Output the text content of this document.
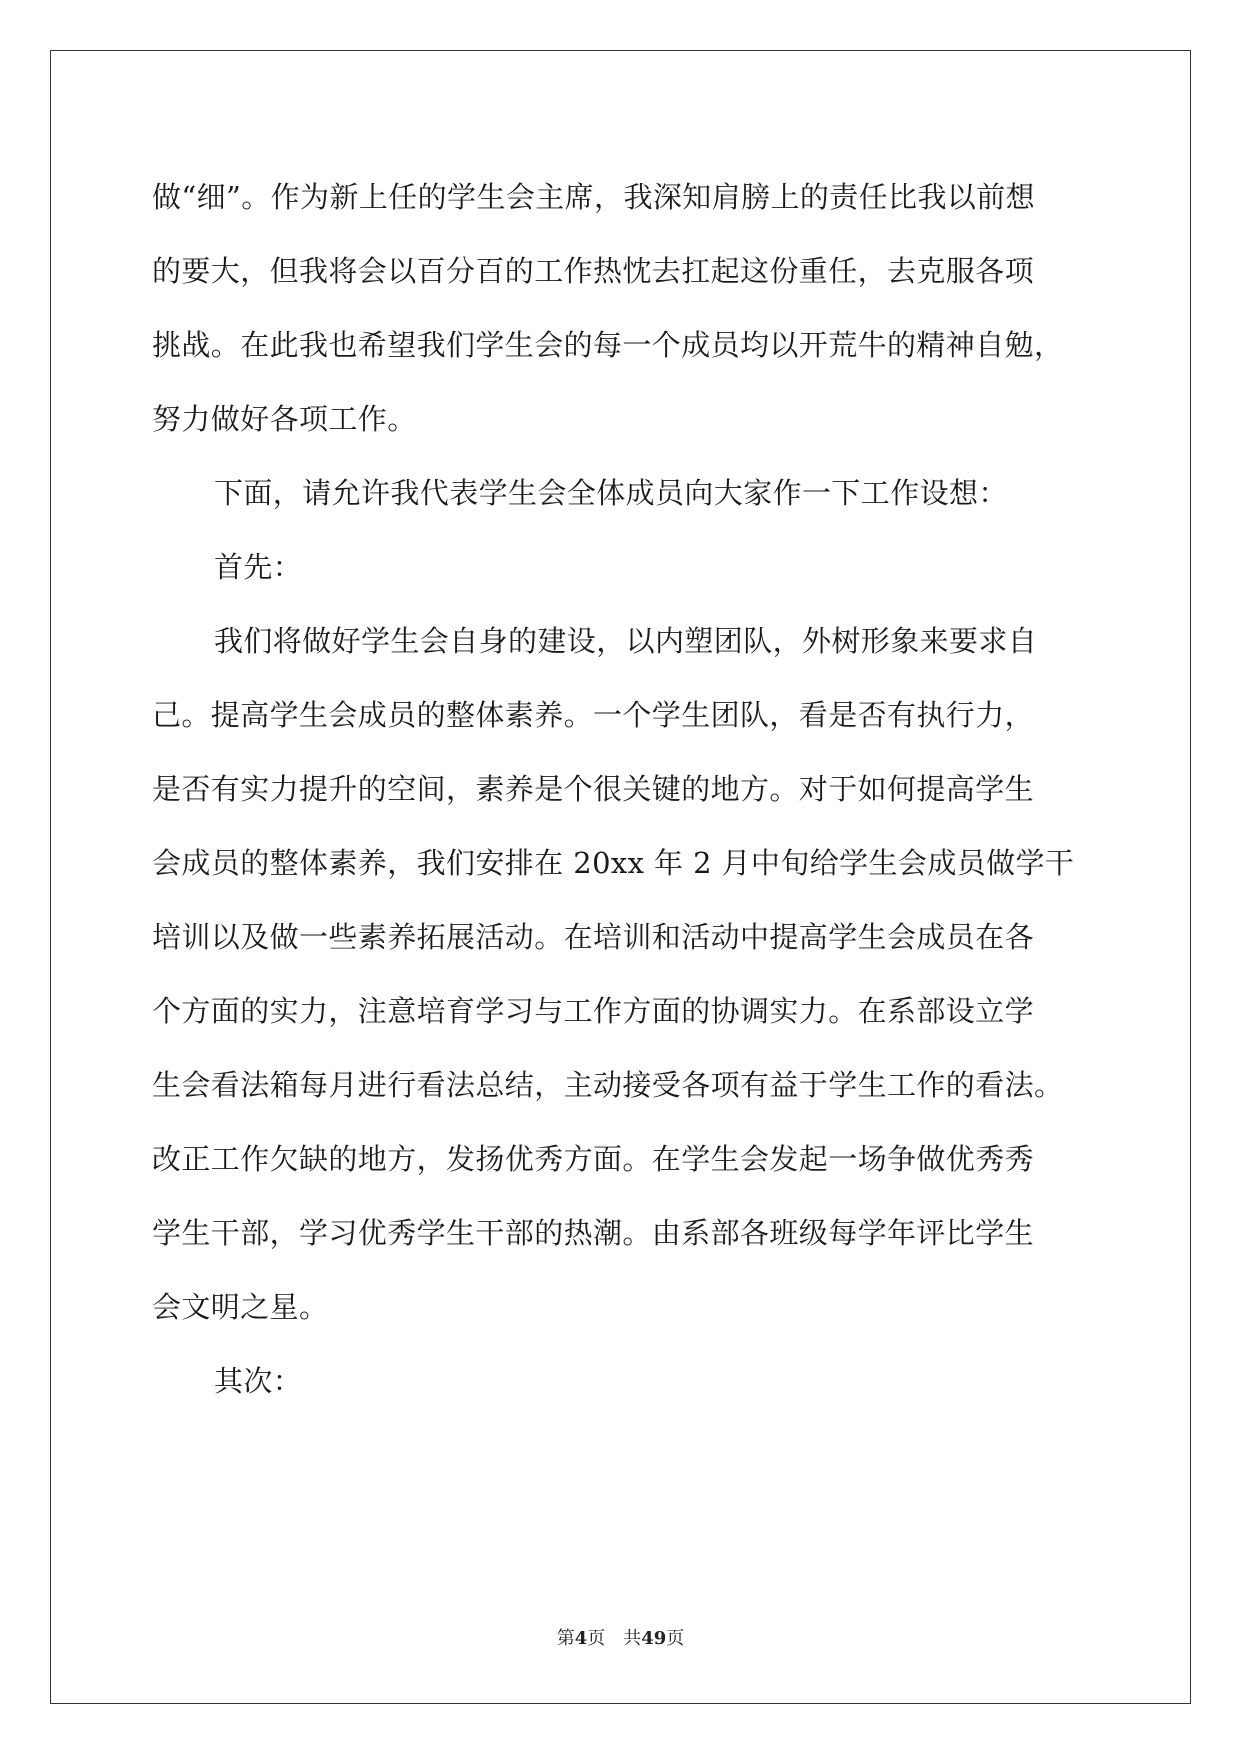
做“细”。作为新上任的学生会主席，我深知肩膀上的责任比我以前想
的要大，但我将会以百分百的工作热忱去扛起这份重任，去克服各项
挑战。在此我也希望我们学生会的每一个成员均以开荒牛的精神自勉，
努力做好各项工作。
下面，请允许我代表学生会全体成员向大家作一下工作设想：
首先：
我们将做好学生会自身的建设，以内塑团队，外树形象来要求自
己。提高学生会成员的整体素养。一个学生团队，看是否有执行力，
是否有实力提升的空间，素养是个很关键的地方。对于如何提高学生
会成员的整体素养，我们安排在 20xx 年 2 月中旬给学生会成员做学干
培训以及做一些素养拓展活动。在培训和活动中提高学生会成员在各
个方面的实力，注意培育学习与工作方面的协调实力。在系部设立学
生会看法箱每月进行看法总结，主动接受各项有益于学生工作的看法。
改正工作欠缺的地方，发扬优秀方面。在学生会发起一场争做优秀秀
学生干部，学习优秀学生干部的热潮。由系部各班级每学年评比学生
会文明之星。
其次：
第4页 共49页
